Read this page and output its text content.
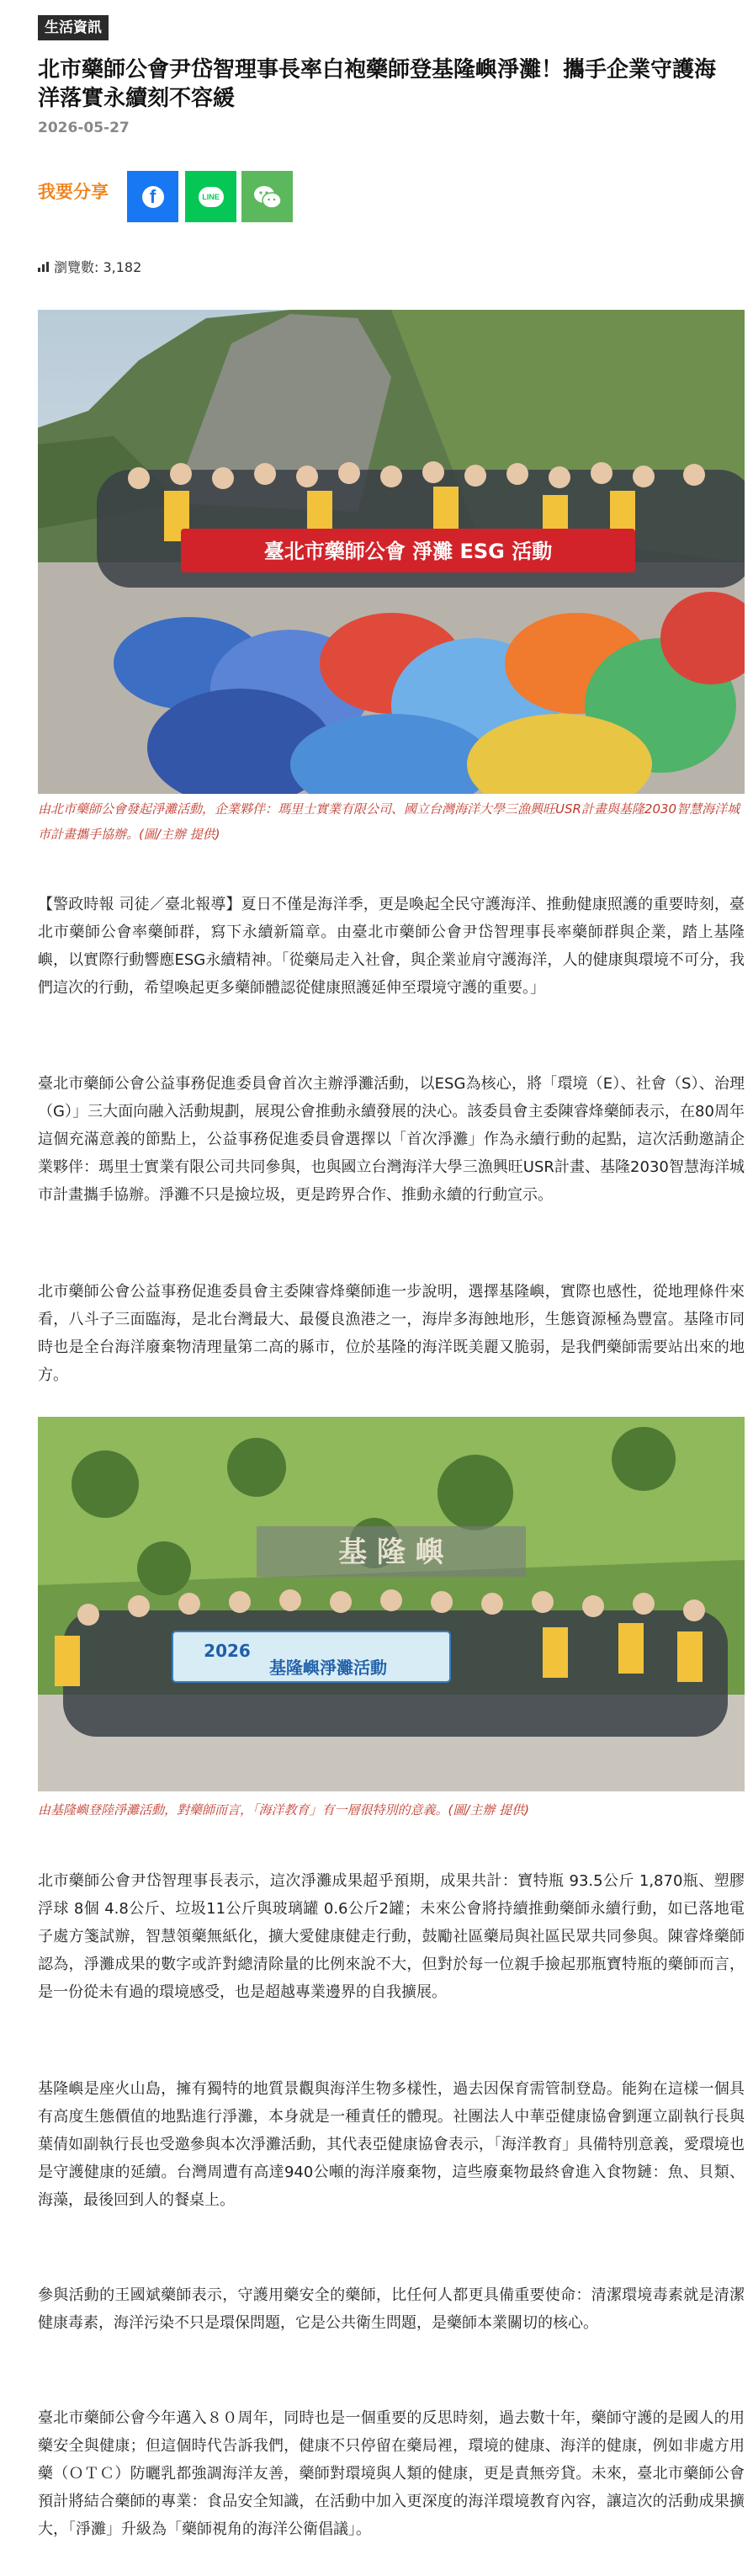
生活資訊
北市藥師公會尹岱智理事長率白袍藥師登基隆嶼淨灘！攜手企業守護海洋落實永續刻不容緩
2026-05-27
我要分享	f	LINE
瀏覽數: 3,182
臺北市藥師公會 淨灘 ESG 活動
由北市藥師公會發起淨灘活動，企業夥伴：瑪里士實業有限公司、國立台灣海洋大學三漁興旺USR計畫與基隆2030智慧海洋城市計畫攜手協辦。(圖/主辦 提供)

【警政時報 司徒／臺北報導】夏日不僅是海洋季，更是喚起全民守護海洋、推動健康照護的重要時刻，臺北市藥師公會率藥師群，寫下永續新篇章。由臺北市藥師公會尹岱智理事長率藥師群與企業，踏上基隆嶼，以實際行動響應ESG永續精神。「從藥局走入社會，與企業並肩守護海洋，人的健康與環境不可分，我們這次的行動，希望喚起更多藥師體認從健康照護延伸至環境守護的重要。」

臺北市藥師公會公益事務促進委員會首次主辦淨灘活動，以ESG為核心，將「環境（E）、社會（S）、治理（G）」三大面向融入活動規劃，展現公會推動永續發展的決心。該委員會主委陳睿烽藥師表示，在80周年這個充滿意義的節點上，公益事務促進委員會選擇以「首次淨灘」作為永續行動的起點，這次活動邀請企業夥伴：瑪里士實業有限公司共同參與，也與國立台灣海洋大學三漁興旺USR計畫、基隆2030智慧海洋城市計畫攜手協辦。淨灘不只是撿垃圾，更是跨界合作、推動永續的行動宣示。

北市藥師公會公益事務促進委員會主委陳睿烽藥師進一步說明，選擇基隆嶼，實際也感性，從地理條件來看，八斗子三面臨海，是北台灣最大、最優良漁港之一，海岸多海蝕地形，生態資源極為豐富。基隆市同時也是全台海洋廢棄物清理量第二高的縣市，位於基隆的海洋既美麗又脆弱，是我們藥師需要站出來的地方。

基 隆 嶼
2026
基隆嶼淨灘活動
由基隆嶼登陸淨灘活動，對藥師而言，「海洋教育」有一層很特別的意義。(圖/主辦 提供)

北市藥師公會尹岱智理事長表示，這次淨灘成果超乎預期，成果共計：寶特瓶 93.5公斤 1,870瓶、塑膠浮球 8個 4.8公斤、垃圾11公斤與玻璃罐 0.6公斤2罐；未來公會將持續推動藥師永續行動，如已落地電子處方箋試辦，智慧領藥無紙化，擴大愛健康健走行動，鼓勵社區藥局與社區民眾共同參與。陳睿烽藥師認為，淨灘成果的數字或許對總清除量的比例來說不大，但對於每一位親手撿起那瓶寶特瓶的藥師而言，是一份從未有過的環境感受，也是超越專業邊界的自我擴展。

基隆嶼是座火山島，擁有獨特的地質景觀與海洋生物多樣性，過去因保育需管制登島。能夠在這樣一個具有高度生態價值的地點進行淨灘，本身就是一種責任的體現。社團法人中華亞健康協會劉運立副執行長與葉倩如副執行長也受邀參與本次淨灘活動，其代表亞健康協會表示，「海洋教育」具備特別意義，愛環境也是守護健康的延續。台灣周遭有高達940公噸的海洋廢棄物，這些廢棄物最終會進入食物鏈：魚、貝類、海藻，最後回到人的餐桌上。

參與活動的王國斌藥師表示，守護用藥安全的藥師，比任何人都更具備重要使命：清潔環境毒素就是清潔健康毒素，海洋污染不只是環保問題，它是公共衛生問題，是藥師本業關切的核心。

臺北市藥師公會今年邁入８０周年，同時也是一個重要的反思時刻，過去數十年，藥師守護的是國人的用藥安全與健康；但這個時代告訴我們，健康不只停留在藥局裡，環境的健康、海洋的健康，例如非處方用藥（ＯＴＣ）防曬乳都強調海洋友善，藥師對環境與人類的健康，更是責無旁貸。未來，臺北市藥師公會預計將結合藥師的專業：食品安全知識，在活動中加入更深度的海洋環境教育內容，讓這次的活動成果擴大，「淨灘」升級為「藥師視角的海洋公衛倡議」。
